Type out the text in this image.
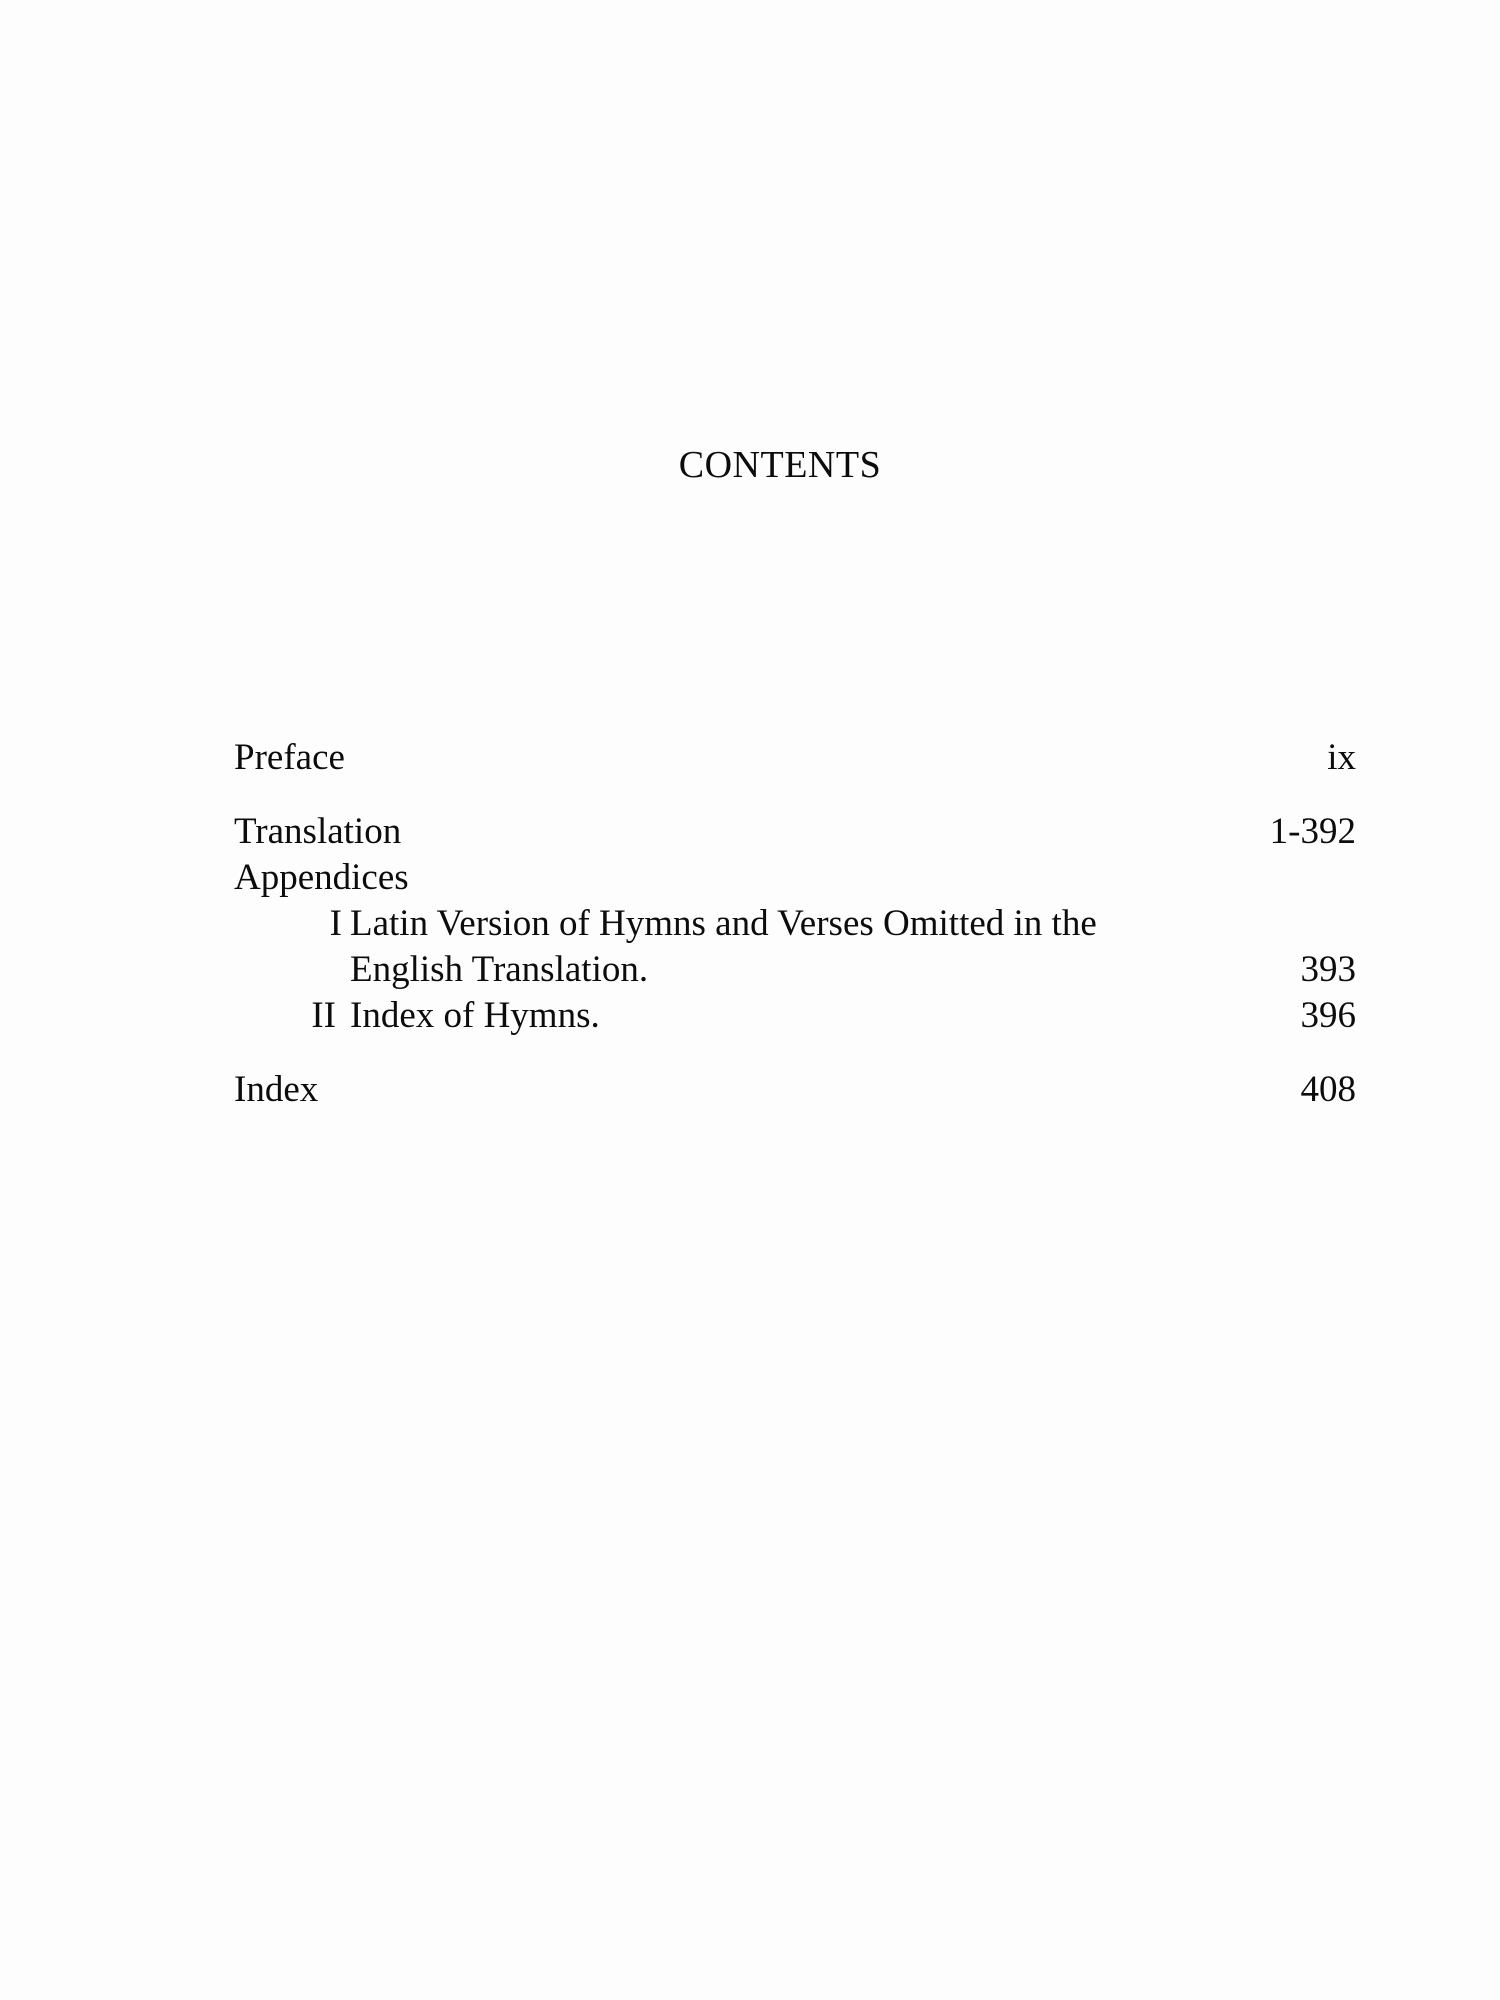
CONTENTS
Preface	ix
Translation	1-392
Appendices
I Latin Version of Hymns and Verses Omitted in the
English Translation.	393
II Index of Hymns.	396
Index	408
